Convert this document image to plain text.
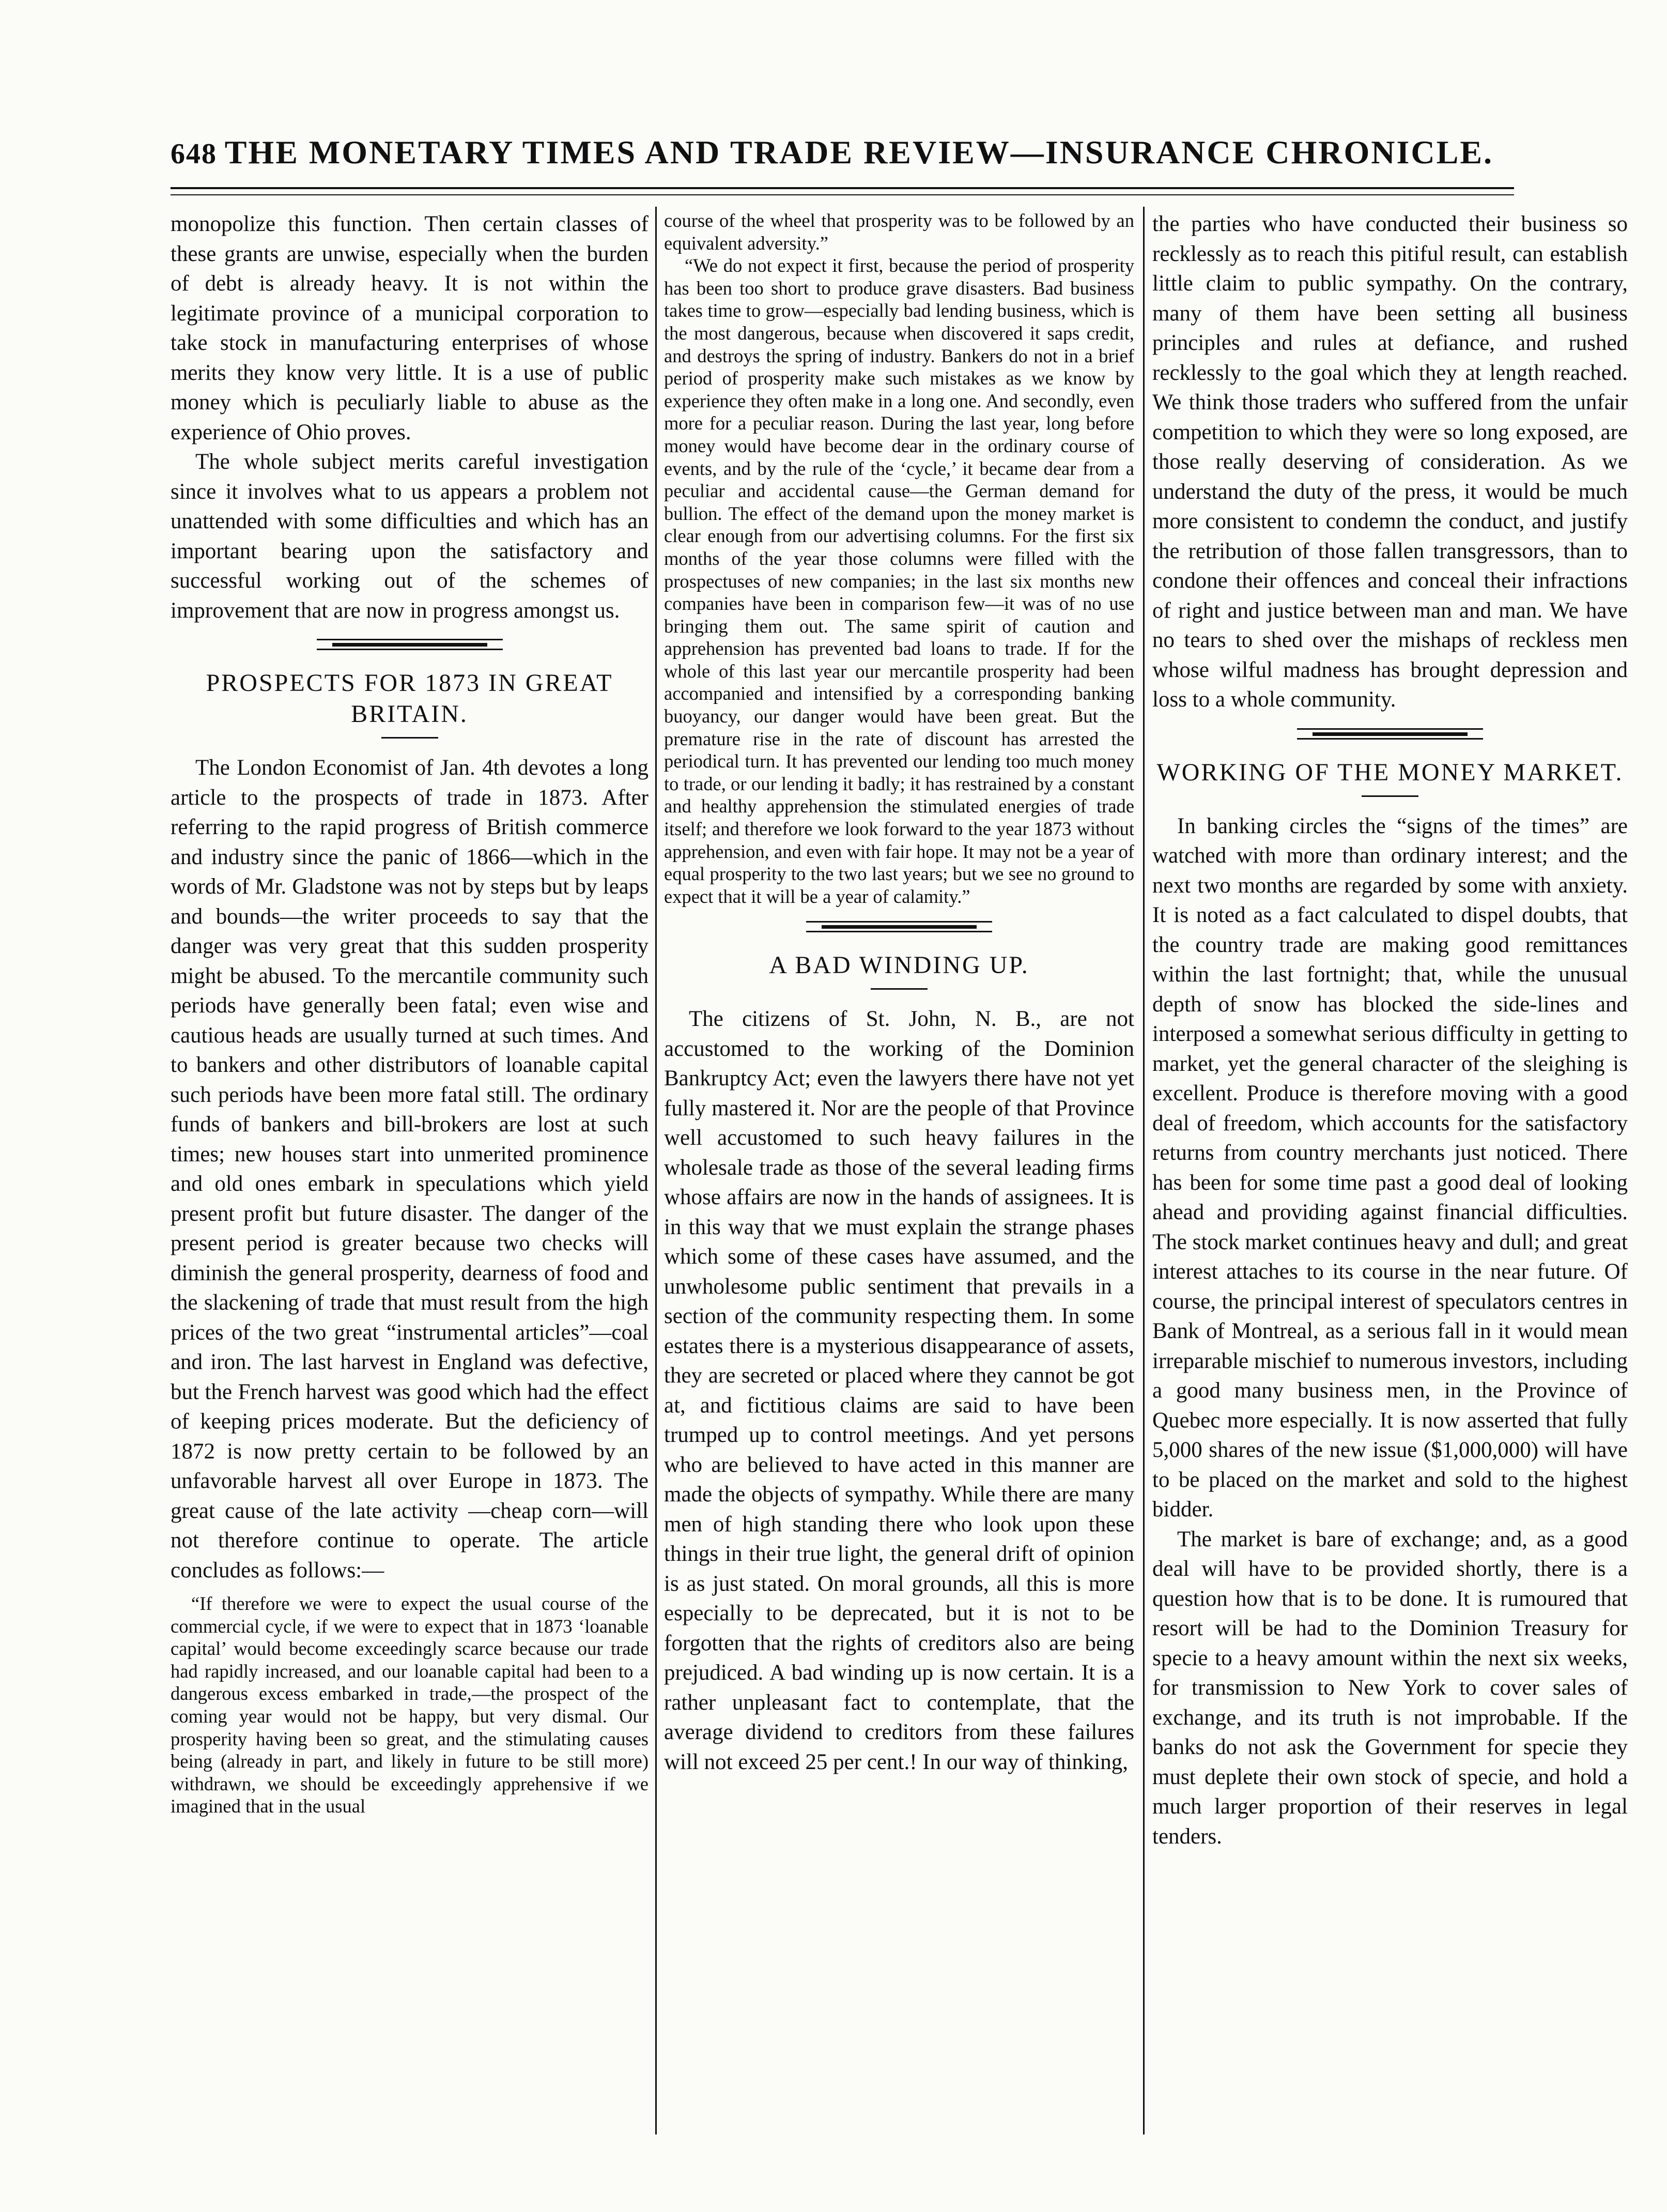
648 THE MONETARY TIMES AND TRADE REVIEW—INSURANCE CHRONICLE.

monopolize this function. Then certain classes of these grants are unwise, especially when the burden of debt is already heavy. It is not within the legitimate province of a municipal corporation to take stock in manufacturing enterprises of whose merits they know very little. It is a use of public money which is peculiarly liable to abuse as the experience of Ohio proves.

The whole subject merits careful investigation since it involves what to us appears a problem not unattended with some difficulties and which has an important bearing upon the satisfactory and successful working out of the schemes of improvement that are now in progress amongst us.

PROSPECTS FOR 1873 IN GREAT BRITAIN.

The London Economist of Jan. 4th devotes a long article to the prospects of trade in 1873. After referring to the rapid progress of British commerce and industry since the panic of 1866—which in the words of Mr. Gladstone was not by steps but by leaps and bounds—the writer proceeds to say that the danger was very great that this sudden prosperity might be abused. To the mercantile community such periods have generally been fatal; even wise and cautious heads are usually turned at such times. And to bankers and other distributors of loanable capital such periods have been more fatal still. The ordinary funds of bankers and bill-brokers are lost at such times; new houses start into unmerited prominence and old ones embark in speculations which yield present profit but future disaster. The danger of the present period is greater because two checks will diminish the general prosperity, dearness of food and the slackening of trade that must result from the high prices of the two great “instrumental articles”—coal and iron. The last harvest in England was defective, but the French harvest was good which had the effect of keeping prices moderate. But the deficiency of 1872 is now pretty certain to be followed by an unfavorable harvest all over Europe in 1873. The great cause of the late activity —cheap corn—will not therefore continue to operate. The article concludes as follows:—

“If therefore we were to expect the usual course of the commercial cycle, if we were to expect that in 1873 ‘loanable capital’ would become exceedingly scarce because our trade had rapidly increased, and our loanable capital had been to a dangerous excess embarked in trade,—the prospect of the coming year would not be happy, but very dismal. Our prosperity having been so great, and the stimulating causes being (already in part, and likely in future to be still more) withdrawn, we should be exceedingly apprehensive if we imagined that in the usual

course of the wheel that prosperity was to be followed by an equivalent adversity.”

“We do not expect it first, because the period of prosperity has been too short to produce grave disasters. Bad business takes time to grow—especially bad lending business, which is the most dangerous, because when discovered it saps credit, and destroys the spring of industry. Bankers do not in a brief period of prosperity make such mistakes as we know by experience they often make in a long one. And secondly, even more for a peculiar reason. During the last year, long before money would have become dear in the ordinary course of events, and by the rule of the ‘cycle,’ it became dear from a peculiar and accidental cause—the German demand for bullion. The effect of the demand upon the money market is clear enough from our advertising columns. For the first six months of the year those columns were filled with the prospectuses of new companies; in the last six months new companies have been in comparison few—it was of no use bringing them out. The same spirit of caution and apprehension has prevented bad loans to trade. If for the whole of this last year our mercantile prosperity had been accompanied and intensified by a corresponding banking buoyancy, our danger would have been great. But the premature rise in the rate of discount has arrested the periodical turn. It has prevented our lending too much money to trade, or our lending it badly; it has restrained by a constant and healthy apprehension the stimulated energies of trade itself; and therefore we look forward to the year 1873 without apprehension, and even with fair hope. It may not be a year of equal prosperity to the two last years; but we see no ground to expect that it will be a year of calamity.”

A BAD WINDING UP.

The citizens of St. John, N. B., are not accustomed to the working of the Dominion Bankruptcy Act; even the lawyers there have not yet fully mastered it. Nor are the people of that Province well accustomed to such heavy failures in the wholesale trade as those of the several leading firms whose affairs are now in the hands of assignees. It is in this way that we must explain the strange phases which some of these cases have assumed, and the unwholesome public sentiment that prevails in a section of the community respecting them. In some estates there is a mysterious disappearance of assets, they are secreted or placed where they cannot be got at, and fictitious claims are said to have been trumped up to control meetings. And yet persons who are believed to have acted in this manner are made the objects of sympathy. While there are many men of high standing there who look upon these things in their true light, the general drift of opinion is as just stated. On moral grounds, all this is more especially to be deprecated, but it is not to be forgotten that the rights of creditors also are being prejudiced. A bad winding up is now certain. It is a rather unpleasant fact to contemplate, that the average dividend to creditors from these failures will not exceed 25 per cent.! In our way of thinking,

the parties who have conducted their business so recklessly as to reach this pitiful result, can establish little claim to public sympathy. On the contrary, many of them have been setting all business principles and rules at defiance, and rushed recklessly to the goal which they at length reached. We think those traders who suffered from the unfair competition to which they were so long exposed, are those really deserving of consideration. As we understand the duty of the press, it would be much more consistent to condemn the conduct, and justify the retribution of those fallen transgressors, than to condone their offences and conceal their infractions of right and justice between man and man. We have no tears to shed over the mishaps of reckless men whose wilful madness has brought depression and loss to a whole community.

WORKING OF THE MONEY MARKET.

In banking circles the “signs of the times” are watched with more than ordinary interest; and the next two months are regarded by some with anxiety. It is noted as a fact calculated to dispel doubts, that the country trade are making good remittances within the last fortnight; that, while the unusual depth of snow has blocked the side-lines and interposed a somewhat serious difficulty in getting to market, yet the general character of the sleighing is excellent. Produce is therefore moving with a good deal of freedom, which accounts for the satisfactory returns from country merchants just noticed. There has been for some time past a good deal of looking ahead and providing against financial difficulties. The stock market continues heavy and dull; and great interest attaches to its course in the near future. Of course, the principal interest of speculators centres in Bank of Montreal, as a serious fall in it would mean irreparable mischief to numerous investors, including a good many business men, in the Province of Quebec more especially. It is now asserted that fully 5,000 shares of the new issue ($1,000,000) will have to be placed on the market and sold to the highest bidder.

The market is bare of exchange; and, as a good deal will have to be provided shortly, there is a question how that is to be done. It is rumoured that resort will be had to the Dominion Treasury for specie to a heavy amount within the next six weeks, for transmission to New York to cover sales of exchange, and its truth is not improbable. If the banks do not ask the Government for specie they must deplete their own stock of specie, and hold a much larger proportion of their reserves in legal tenders.
